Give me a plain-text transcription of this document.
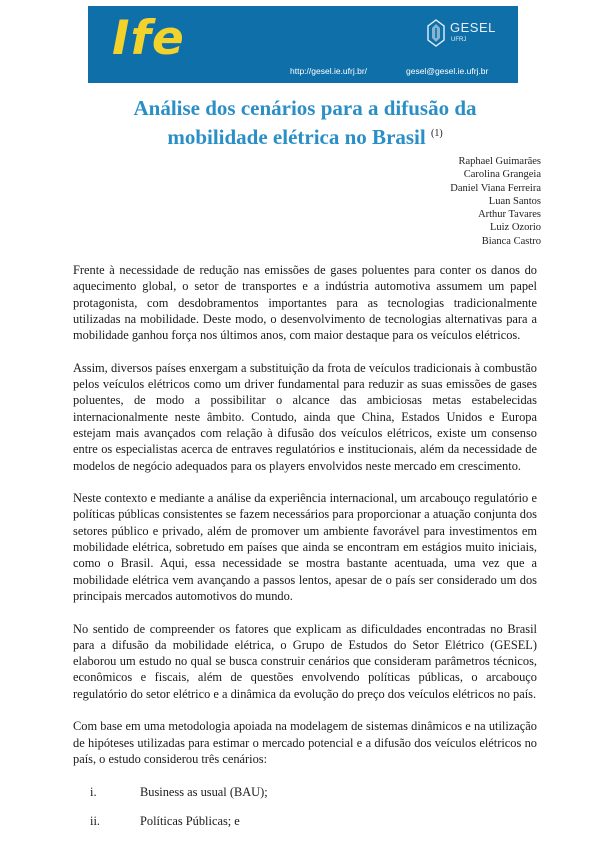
Ife	GESEL
UFRJ
http://gesel.ie.ufrj.br/	gesel@gesel.ie.ufrj.br
Análise dos cenários para a difusão da
mobilidade elétrica no Brasil $^{(1)}$
Raphael Guimarães
Carolina Grangeia
Daniel Viana Ferreira
Luan Santos
Arthur Tavares
Luiz Ozorio
Bianca Castro

Frente à necessidade de redução nas emissões de gases poluentes para conter os danos do aquecimento global, o setor de transportes e a indústria automotiva assumem um papel protagonista, com desdobramentos importantes para as tecnologias tradicionalmente utilizadas na mobilidade. Deste modo, o desenvolvimento de tecnologias alternativas para a mobilidade ganhou força nos últimos anos, com maior destaque para os veículos elétricos.

Assim, diversos países enxergam a substituição da frota de veículos tradicionais à combustão pelos veículos elétricos como um driver fundamental para reduzir as suas emissões de gases poluentes, de modo a possibilitar o alcance das ambiciosas metas estabelecidas internacionalmente neste âmbito. Contudo, ainda que China, Estados Unidos e Europa estejam mais avançados com relação à difusão dos veículos elétricos, existe um consenso entre os especialistas acerca de entraves regulatórios e institucionais, além da necessidade de modelos de negócio adequados para os players envolvidos neste mercado em crescimento.

Neste contexto e mediante a análise da experiência internacional, um arcabouço regulatório e políticas públicas consistentes se fazem necessários para proporcionar a atuação conjunta dos setores público e privado, além de promover um ambiente favorável para investimentos em mobilidade elétrica, sobretudo em países que ainda se encontram em estágios muito iniciais, como o Brasil. Aqui, essa necessidade se mostra bastante acentuada, uma vez que a mobilidade elétrica vem avançando a passos lentos, apesar de o país ser considerado um dos principais mercados automotivos do mundo.

No sentido de compreender os fatores que explicam as dificuldades encontradas no Brasil para a difusão da mobilidade elétrica, o Grupo de Estudos do Setor Elétrico (GESEL) elaborou um estudo no qual se busca construir cenários que consideram parâmetros técnicos, econômicos e fiscais, além de questões envolvendo políticas públicas, o arcabouço regulatório do setor elétrico e a dinâmica da evolução do preço dos veículos elétricos no país.

Com base em uma metodologia apoiada na modelagem de sistemas dinâmicos e na utilização de hipóteses utilizadas para estimar o mercado potencial e a difusão dos veículos elétricos no país, o estudo considerou três cenários:

i.	Business as usual (BAU);
ii.	Políticas Públicas; e
